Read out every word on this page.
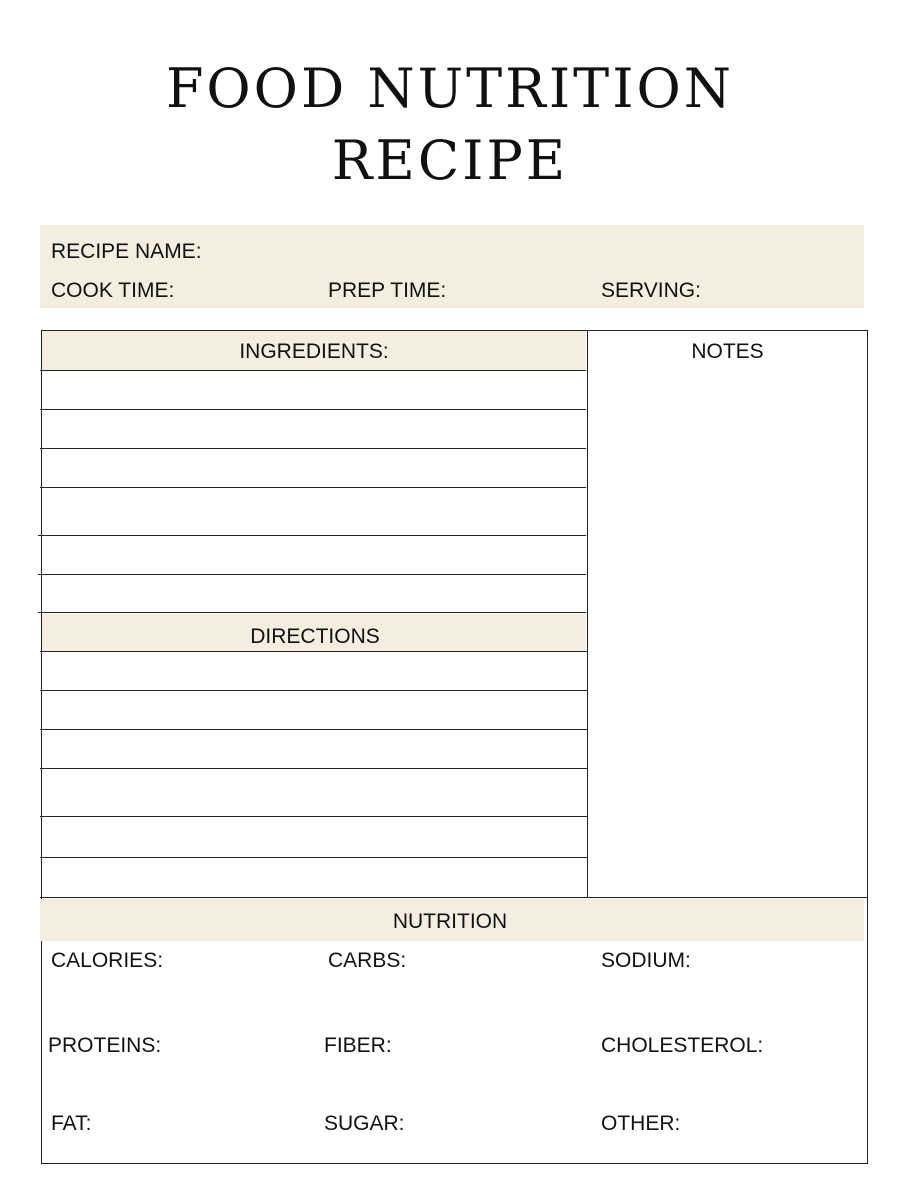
FOOD NUTRITION
RECIPE
RECIPE NAME:
COOK TIME:	PREP TIME:	SERVING:
INGREDIENTS:
DIRECTIONS
NOTES
NUTRITION
CALORIES:	CARBS:	SODIUM:
PROTEINS:	FIBER:	CHOLESTEROL:
FAT:	SUGAR:	OTHER:
